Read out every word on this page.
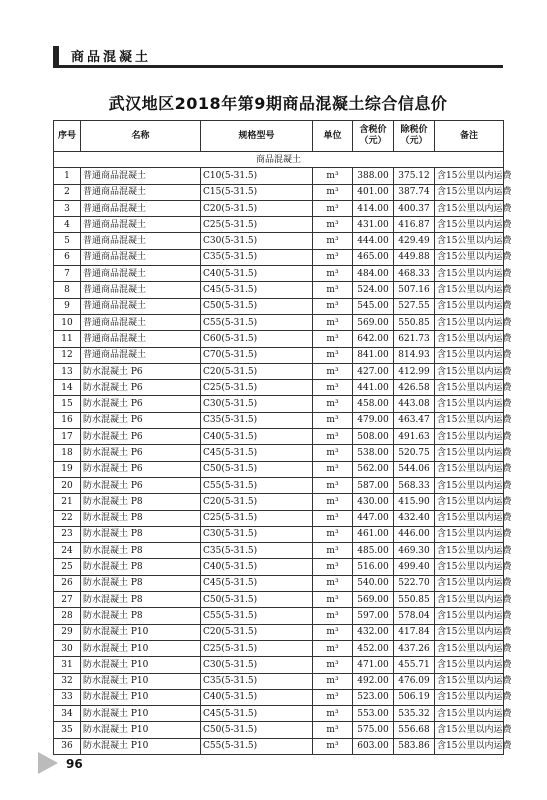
商品混凝土
武汉地区2018年第9期商品混凝土综合信息价
序号	名称	规格型号	单位	含税价（元）	除税价（元）	备注
商品混凝土						
1	普通商品混凝土	C10(5-31.5)	m³	388.00	375.12	含15公里以内运费
2	普通商品混凝土	C15(5-31.5)	m³	401.00	387.74	含15公里以内运费
3	普通商品混凝土	C20(5-31.5)	m³	414.00	400.37	含15公里以内运费
4	普通商品混凝土	C25(5-31.5)	m³	431.00	416.87	含15公里以内运费
5	普通商品混凝土	C30(5-31.5)	m³	444.00	429.49	含15公里以内运费
6	普通商品混凝土	C35(5-31.5)	m³	465.00	449.88	含15公里以内运费
7	普通商品混凝土	C40(5-31.5)	m³	484.00	468.33	含15公里以内运费
8	普通商品混凝土	C45(5-31.5)	m³	524.00	507.16	含15公里以内运费
9	普通商品混凝土	C50(5-31.5)	m³	545.00	527.55	含15公里以内运费
10	普通商品混凝土	C55(5-31.5)	m³	569.00	550.85	含15公里以内运费
11	普通商品混凝土	C60(5-31.5)	m³	642.00	621.73	含15公里以内运费
12	普通商品混凝土	C70(5-31.5)	m³	841.00	814.93	含15公里以内运费
13	防水混凝土 P6	C20(5-31.5)	m³	427.00	412.99	含15公里以内运费
14	防水混凝土 P6	C25(5-31.5)	m³	441.00	426.58	含15公里以内运费
15	防水混凝土 P6	C30(5-31.5)	m³	458.00	443.08	含15公里以内运费
16	防水混凝土 P6	C35(5-31.5)	m³	479.00	463.47	含15公里以内运费
17	防水混凝土 P6	C40(5-31.5)	m³	508.00	491.63	含15公里以内运费
18	防水混凝土 P6	C45(5-31.5)	m³	538.00	520.75	含15公里以内运费
19	防水混凝土 P6	C50(5-31.5)	m³	562.00	544.06	含15公里以内运费
20	防水混凝土 P6	C55(5-31.5)	m³	587.00	568.33	含15公里以内运费
21	防水混凝土 P8	C20(5-31.5)	m³	430.00	415.90	含15公里以内运费
22	防水混凝土 P8	C25(5-31.5)	m³	447.00	432.40	含15公里以内运费
23	防水混凝土 P8	C30(5-31.5)	m³	461.00	446.00	含15公里以内运费
24	防水混凝土 P8	C35(5-31.5)	m³	485.00	469.30	含15公里以内运费
25	防水混凝土 P8	C40(5-31.5)	m³	516.00	499.40	含15公里以内运费
26	防水混凝土 P8	C45(5-31.5)	m³	540.00	522.70	含15公里以内运费
27	防水混凝土 P8	C50(5-31.5)	m³	569.00	550.85	含15公里以内运费
28	防水混凝土 P8	C55(5-31.5)	m³	597.00	578.04	含15公里以内运费
29	防水混凝土 P10	C20(5-31.5)	m³	432.00	417.84	含15公里以内运费
30	防水混凝土 P10	C25(5-31.5)	m³	452.00	437.26	含15公里以内运费
31	防水混凝土 P10	C30(5-31.5)	m³	471.00	455.71	含15公里以内运费
32	防水混凝土 P10	C35(5-31.5)	m³	492.00	476.09	含15公里以内运费
33	防水混凝土 P10	C40(5-31.5)	m³	523.00	506.19	含15公里以内运费
34	防水混凝土 P10	C45(5-31.5)	m³	553.00	535.32	含15公里以内运费
35	防水混凝土 P10	C50(5-31.5)	m³	575.00	556.68	含15公里以内运费
36	防水混凝土 P10	C55(5-31.5)	m³	603.00	583.86	含15公里以内运费
96
